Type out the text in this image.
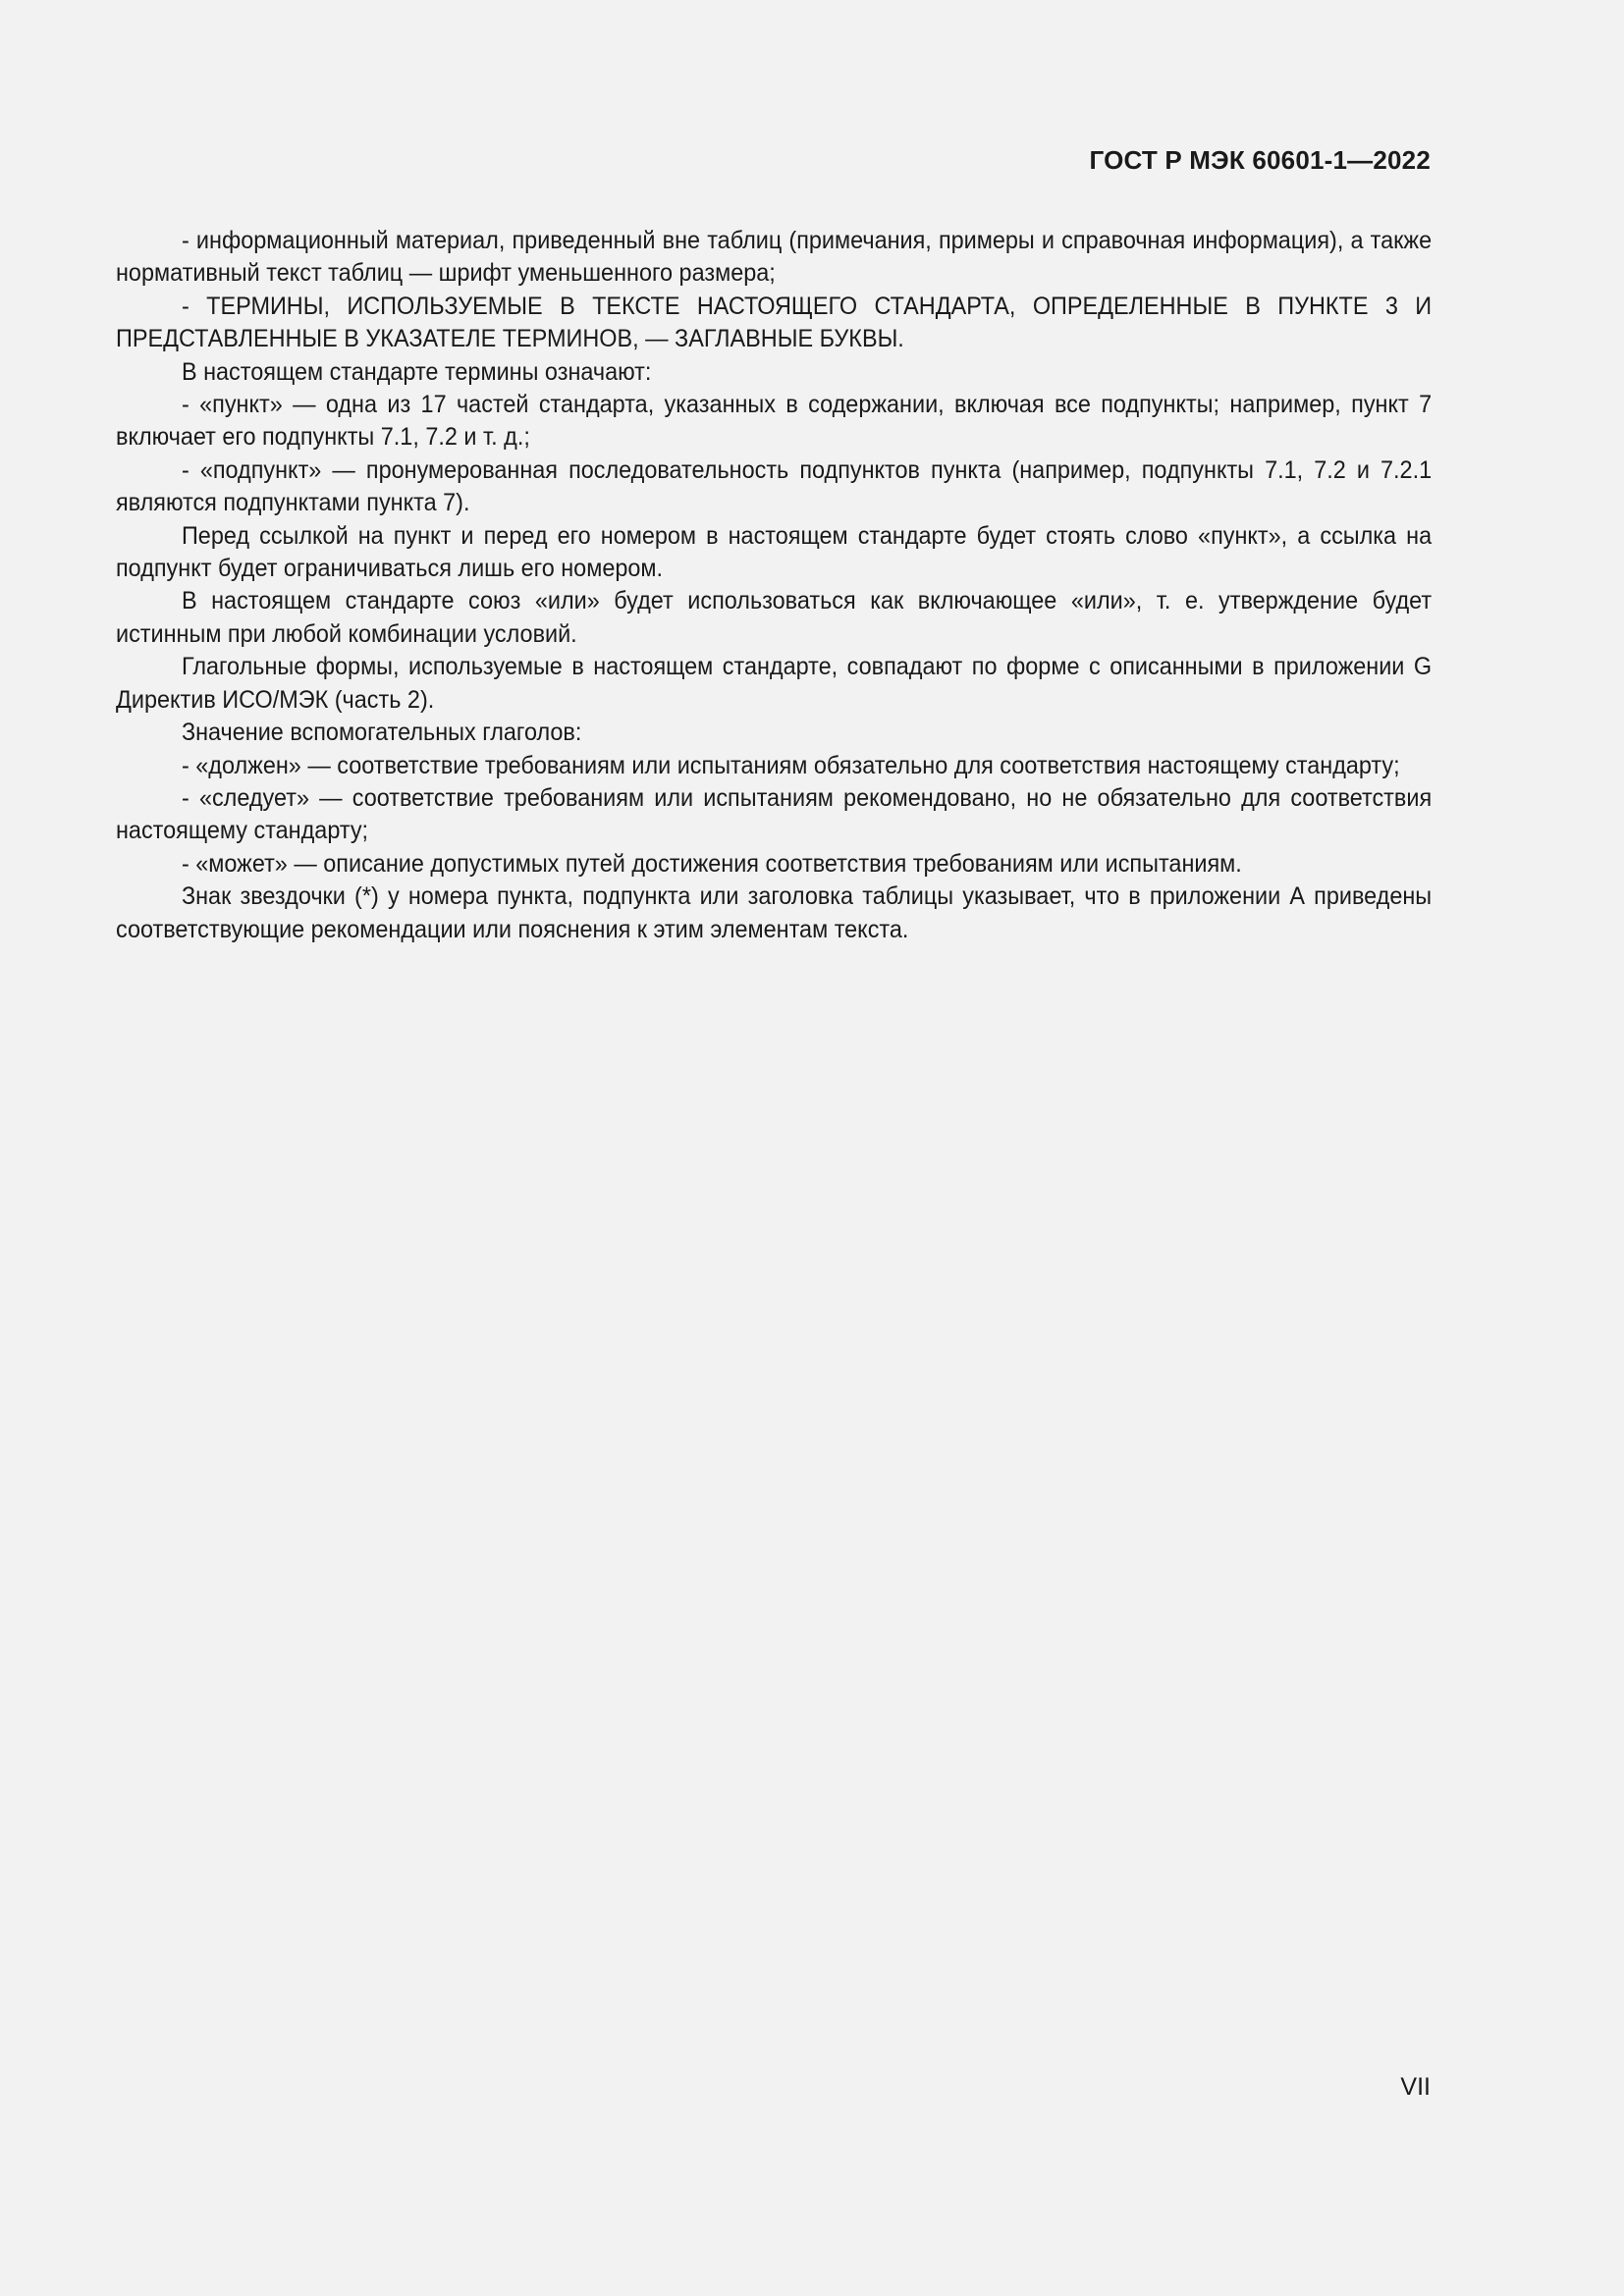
ГОСТ Р МЭК 60601-1—2022

- информационный материал, приведенный вне таблиц (примечания, примеры и справочная информация), а также нормативный текст таблиц — шрифт уменьшенного размера;

- ТЕРМИНЫ, ИСПОЛЬЗУЕМЫЕ В ТЕКСТЕ НАСТОЯЩЕГО СТАНДАРТА, ОПРЕДЕЛЕННЫЕ В ПУНКТЕ 3 И ПРЕДСТАВЛЕННЫЕ В УКАЗАТЕЛЕ ТЕРМИНОВ, — ЗАГЛАВНЫЕ БУКВЫ.

В настоящем стандарте термины означают:

- «пункт» — одна из 17 частей стандарта, указанных в содержании, включая все подпункты; например, пункт 7 включает его подпункты 7.1, 7.2 и т. д.;

- «подпункт» — пронумерованная последовательность подпунктов пункта (например, подпункты 7.1, 7.2 и 7.2.1 являются подпунктами пункта 7).

Перед ссылкой на пункт и перед его номером в настоящем стандарте будет стоять слово «пункт», а ссылка на подпункт будет ограничиваться лишь его номером.

В настоящем стандарте союз «или» будет использоваться как включающее «или», т. е. утверждение будет истинным при любой комбинации условий.

Глагольные формы, используемые в настоящем стандарте, совпадают по форме с описанными в приложении G Директив ИСО/МЭК (часть 2).

Значение вспомогательных глаголов:

- «должен» — соответствие требованиям или испытаниям обязательно для соответствия настоящему стандарту;

- «следует» — соответствие требованиям или испытаниям рекомендовано, но не обязательно для соответствия настоящему стандарту;

- «может» — описание допустимых путей достижения соответствия требованиям или испытаниям.

Знак звездочки (*) у номера пункта, подпункта или заголовка таблицы указывает, что в приложении А приведены соответствующие рекомендации или пояснения к этим элементам текста.

VII
